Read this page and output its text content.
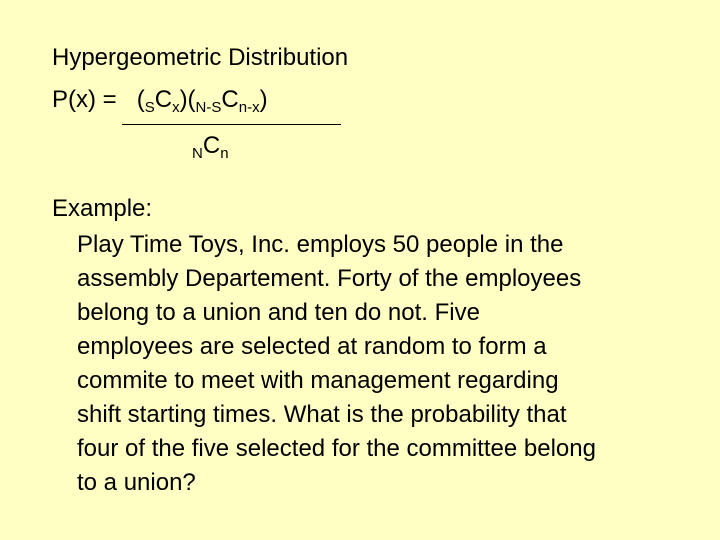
Hypergeometric Distribution
$P(x) = (_SC_x)(_{N-S}C_{n-x})$
$_NC_n$
Example:
Play Time Toys, Inc. employs 50 people in the
assembly Departement. Forty of the employees
belong to a union and ten do not. Five
employees are selected at random to form a
commite to meet with management regarding
shift starting times. What is the probability that
four of the five selected for the committee belong
to a union?
